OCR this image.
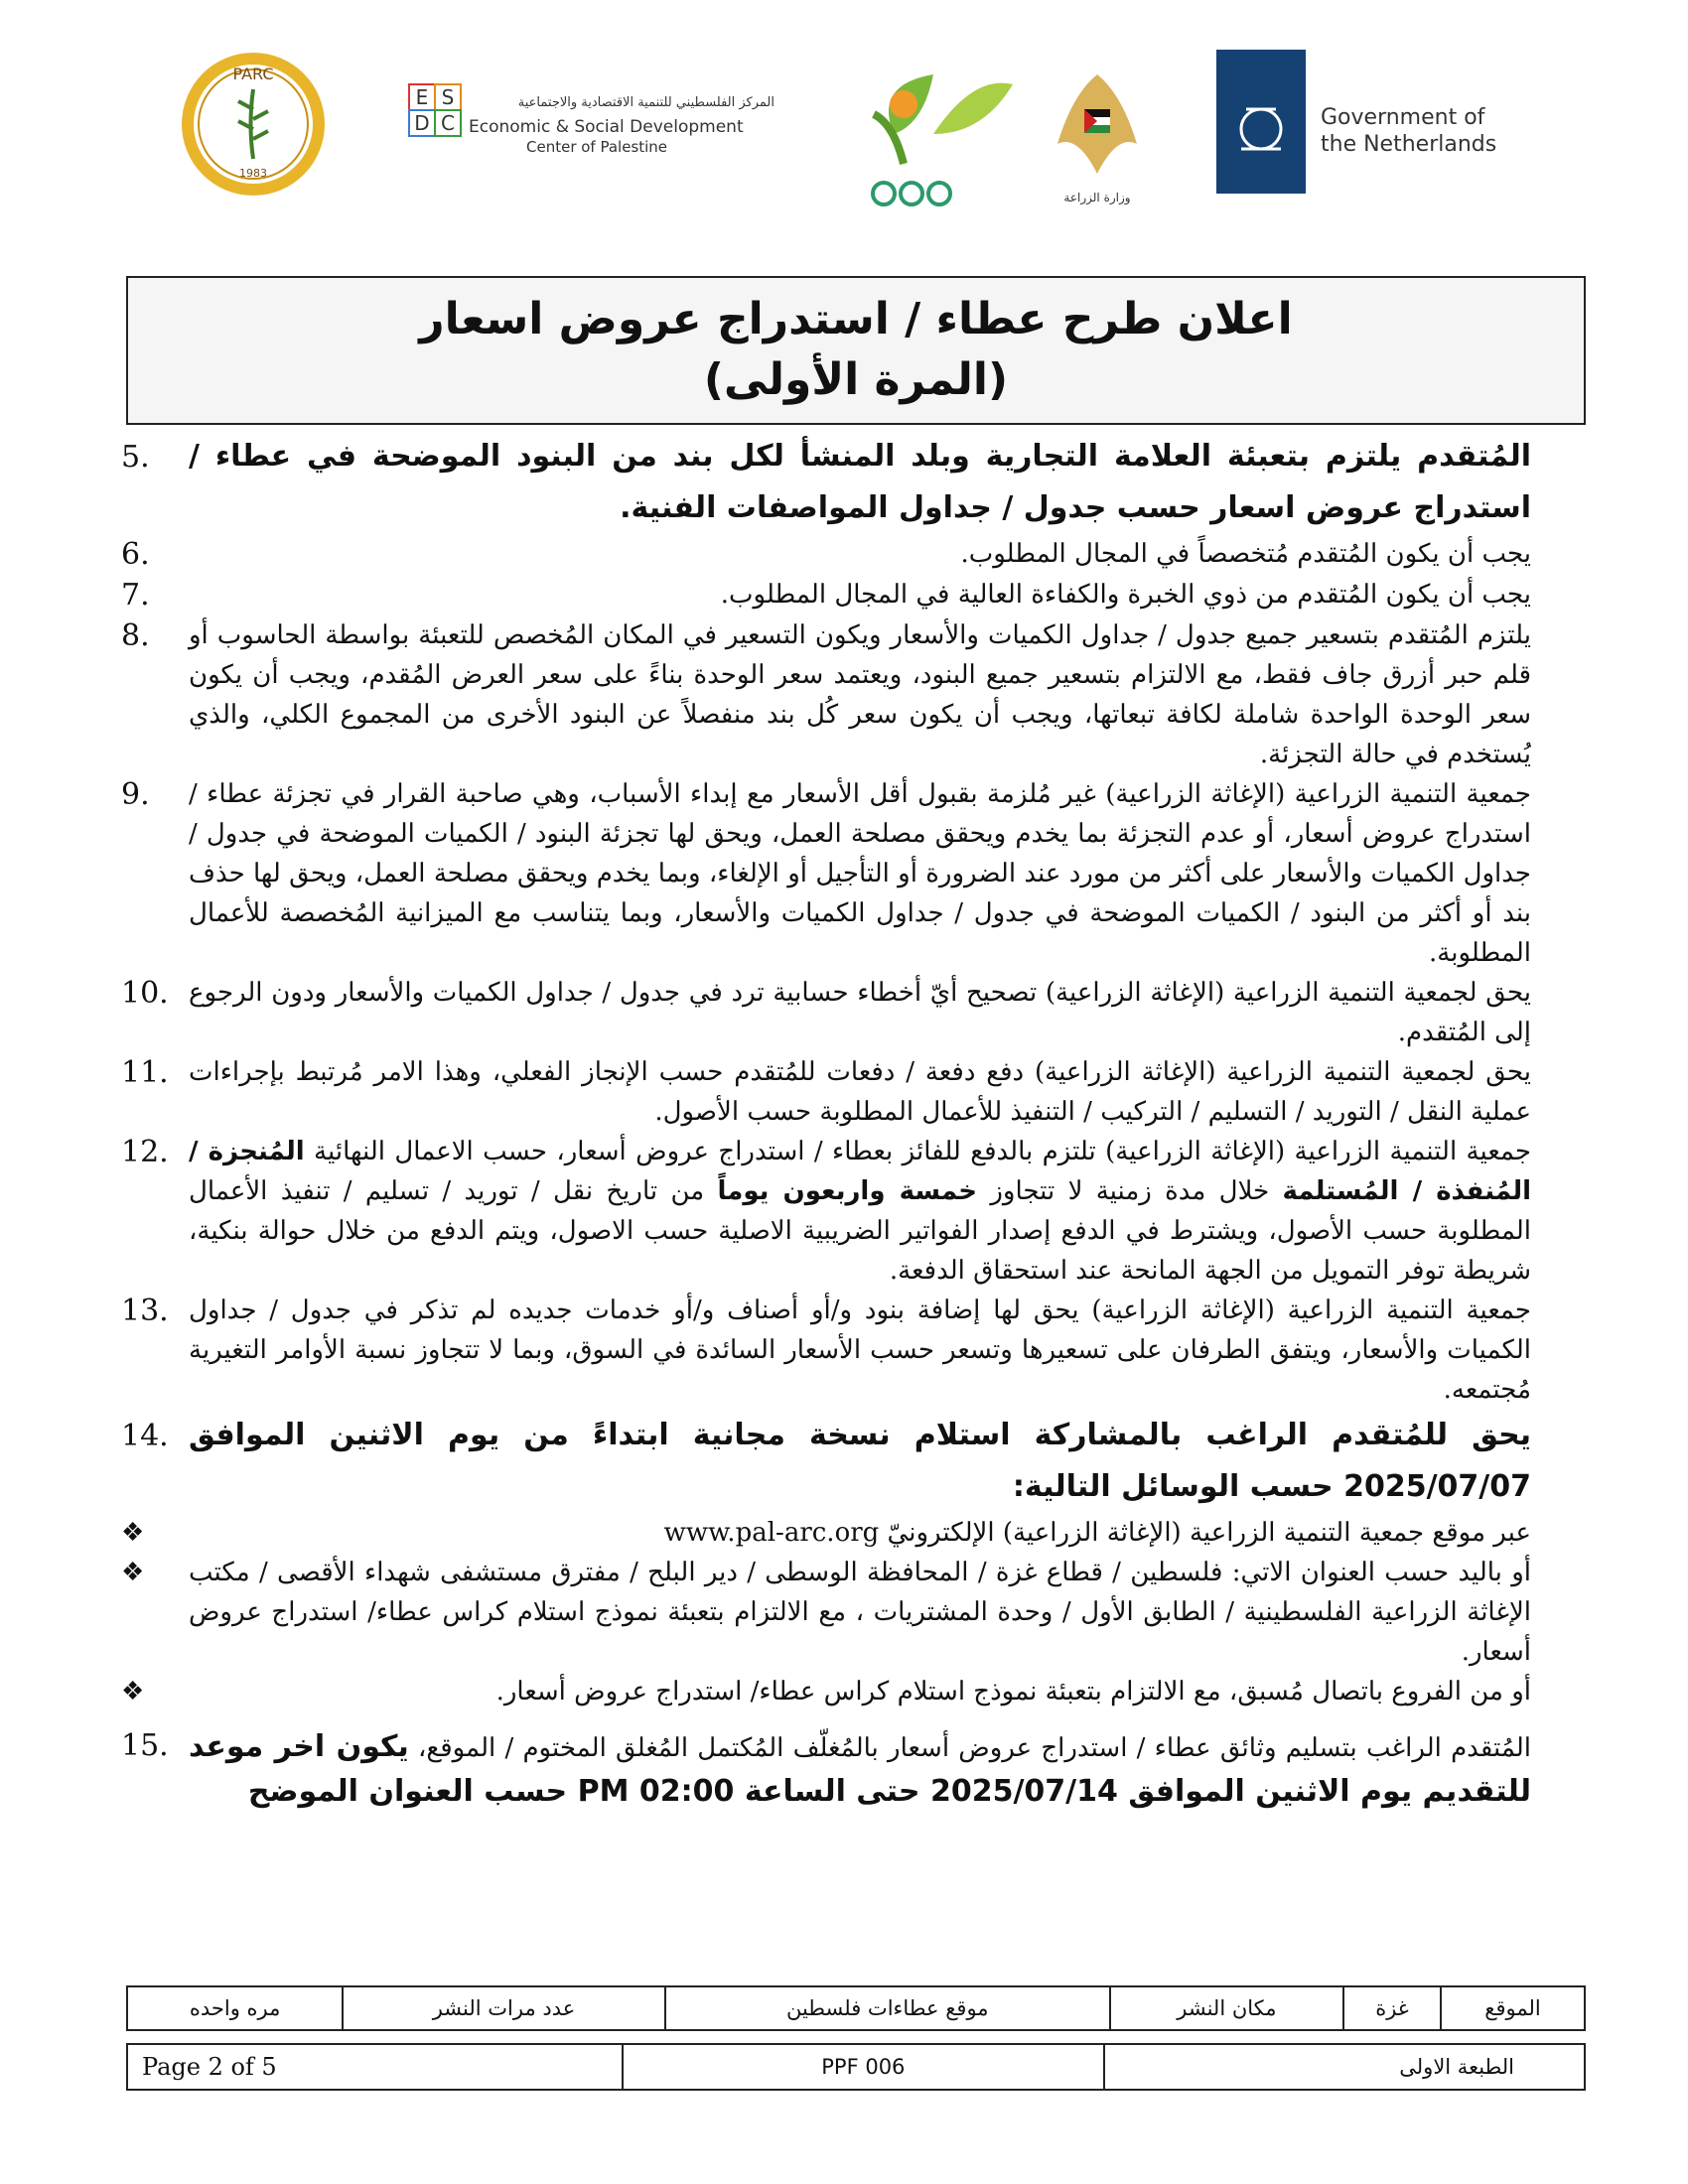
PARC
1983
E S
D C
المركز الفلسطيني للتنمية الاقتصادية والاجتماعية
Economic & Social Development
Center of Palestine
وزارة الزراعة
Government of
the Netherlands
اعلان طرح عطاء / استدراج عروض اسعار
(المرة الأولى)
المُتقدم يلتزم بتعبئة العلامة التجارية وبلد المنشأ لكل بند من البنود الموضحة في عطاء / استدراج عروض اسعار حسب جدول / جداول المواصفات الفنية.
5.
يجب أن يكون المُتقدم مُتخصصاً في المجال المطلوب.
6.
يجب أن يكون المُتقدم من ذوي الخبرة والكفاءة العالية في المجال المطلوب.
7.
يلتزم المُتقدم بتسعير جميع جدول / جداول الكميات والأسعار ويكون التسعير في المكان المُخصص للتعبئة بواسطة الحاسوب أو قلم حبر أزرق جاف فقط، مع الالتزام بتسعير جميع البنود، ويعتمد سعر الوحدة بناءً على سعر العرض المُقدم، ويجب أن يكون سعر الوحدة الواحدة شاملة لكافة تبعاتها، ويجب أن يكون سعر كُل بند منفصلاً عن البنود الأخرى من المجموع الكلي، والذي يُستخدم في حالة التجزئة.
8.
جمعية التنمية الزراعية (الإغاثة الزراعية) غير مُلزمة بقبول أقل الأسعار مع إبداء الأسباب، وهي صاحبة القرار في تجزئة عطاء / استدراج عروض أسعار، أو عدم التجزئة بما يخدم ويحقق مصلحة العمل، ويحق لها تجزئة البنود / الكميات الموضحة في جدول / جداول الكميات والأسعار على أكثر من مورد عند الضرورة أو التأجيل أو الإلغاء، وبما يخدم ويحقق مصلحة العمل، ويحق لها حذف بند أو أكثر من البنود / الكميات الموضحة في جدول / جداول الكميات والأسعار، وبما يتناسب مع الميزانية المُخصصة للأعمال المطلوبة.
9.
يحق لجمعية التنمية الزراعية (الإغاثة الزراعية) تصحيح أيّ أخطاء حسابية ترد في جدول / جداول الكميات والأسعار ودون الرجوع إلى المُتقدم.
10.
يحق لجمعية التنمية الزراعية (الإغاثة الزراعية) دفع دفعة / دفعات للمُتقدم حسب الإنجاز الفعلي، وهذا الامر مُرتبط بإجراءات عملية النقل / التوريد / التسليم / التركيب / التنفيذ للأعمال المطلوبة حسب الأصول.
11.
جمعية التنمية الزراعية (الإغاثة الزراعية) تلتزم بالدفع للفائز بعطاء / استدراج عروض أسعار، حسب الاعمال النهائية المُنجزة / المُنفذة / المُستلمة خلال مدة زمنية لا تتجاوز خمسة واربعون يوماً من تاريخ نقل / توريد / تسليم / تنفيذ الأعمال المطلوبة حسب الأصول، ويشترط في الدفع إصدار الفواتير الضريبية الاصلية حسب الاصول، ويتم الدفع من خلال حوالة بنكية، شريطة توفر التمويل من الجهة المانحة عند استحقاق الدفعة.
12.
جمعية التنمية الزراعية (الإغاثة الزراعية) يحق لها إضافة بنود و/أو أصناف و/أو خدمات جديده لم تذكر في جدول / جداول الكميات والأسعار، ويتفق الطرفان على تسعيرها وتسعر حسب الأسعار السائدة في السوق، وبما لا تتجاوز نسبة الأوامر التغيرية مُجتمعه.
13.
يحق للمُتقدم الراغب بالمشاركة استلام نسخة مجانية ابتداءً من يوم الاثنين الموافق 2025/07/07 حسب الوسائل التالية:
14.
عبر موقع جمعية التنمية الزراعية (الإغاثة الزراعية) الإلكترونيّ www.pal-arc.org
❖
أو باليد حسب العنوان الاتي: فلسطين / قطاع غزة / المحافظة الوسطى / دير البلح / مفترق مستشفى شهداء الأقصى / مكتب الإغاثة الزراعية الفلسطينية / الطابق الأول / وحدة المشتريات ، مع الالتزام بتعبئة نموذج استلام كراس عطاء/ استدراج عروض أسعار.
❖
أو من الفروع باتصال مُسبق، مع الالتزام بتعبئة نموذج استلام كراس عطاء/ استدراج عروض أسعار.
❖
المُتقدم الراغب بتسليم وثائق عطاء / استدراج عروض أسعار بالمُغلّف المُكتمل المُغلق المختوم / الموقع، يكون اخر موعد للتقديم يوم الاثنين الموافق 2025/07/14 حتى الساعة 02:00 PM حسب العنوان الموضح
15.
الموقع	غزة	مكان النشر	موقع عطاءات فلسطين	عدد مرات النشر	مره واحده
الطبعة الاولى	PPF 006	Page 2 of 5
